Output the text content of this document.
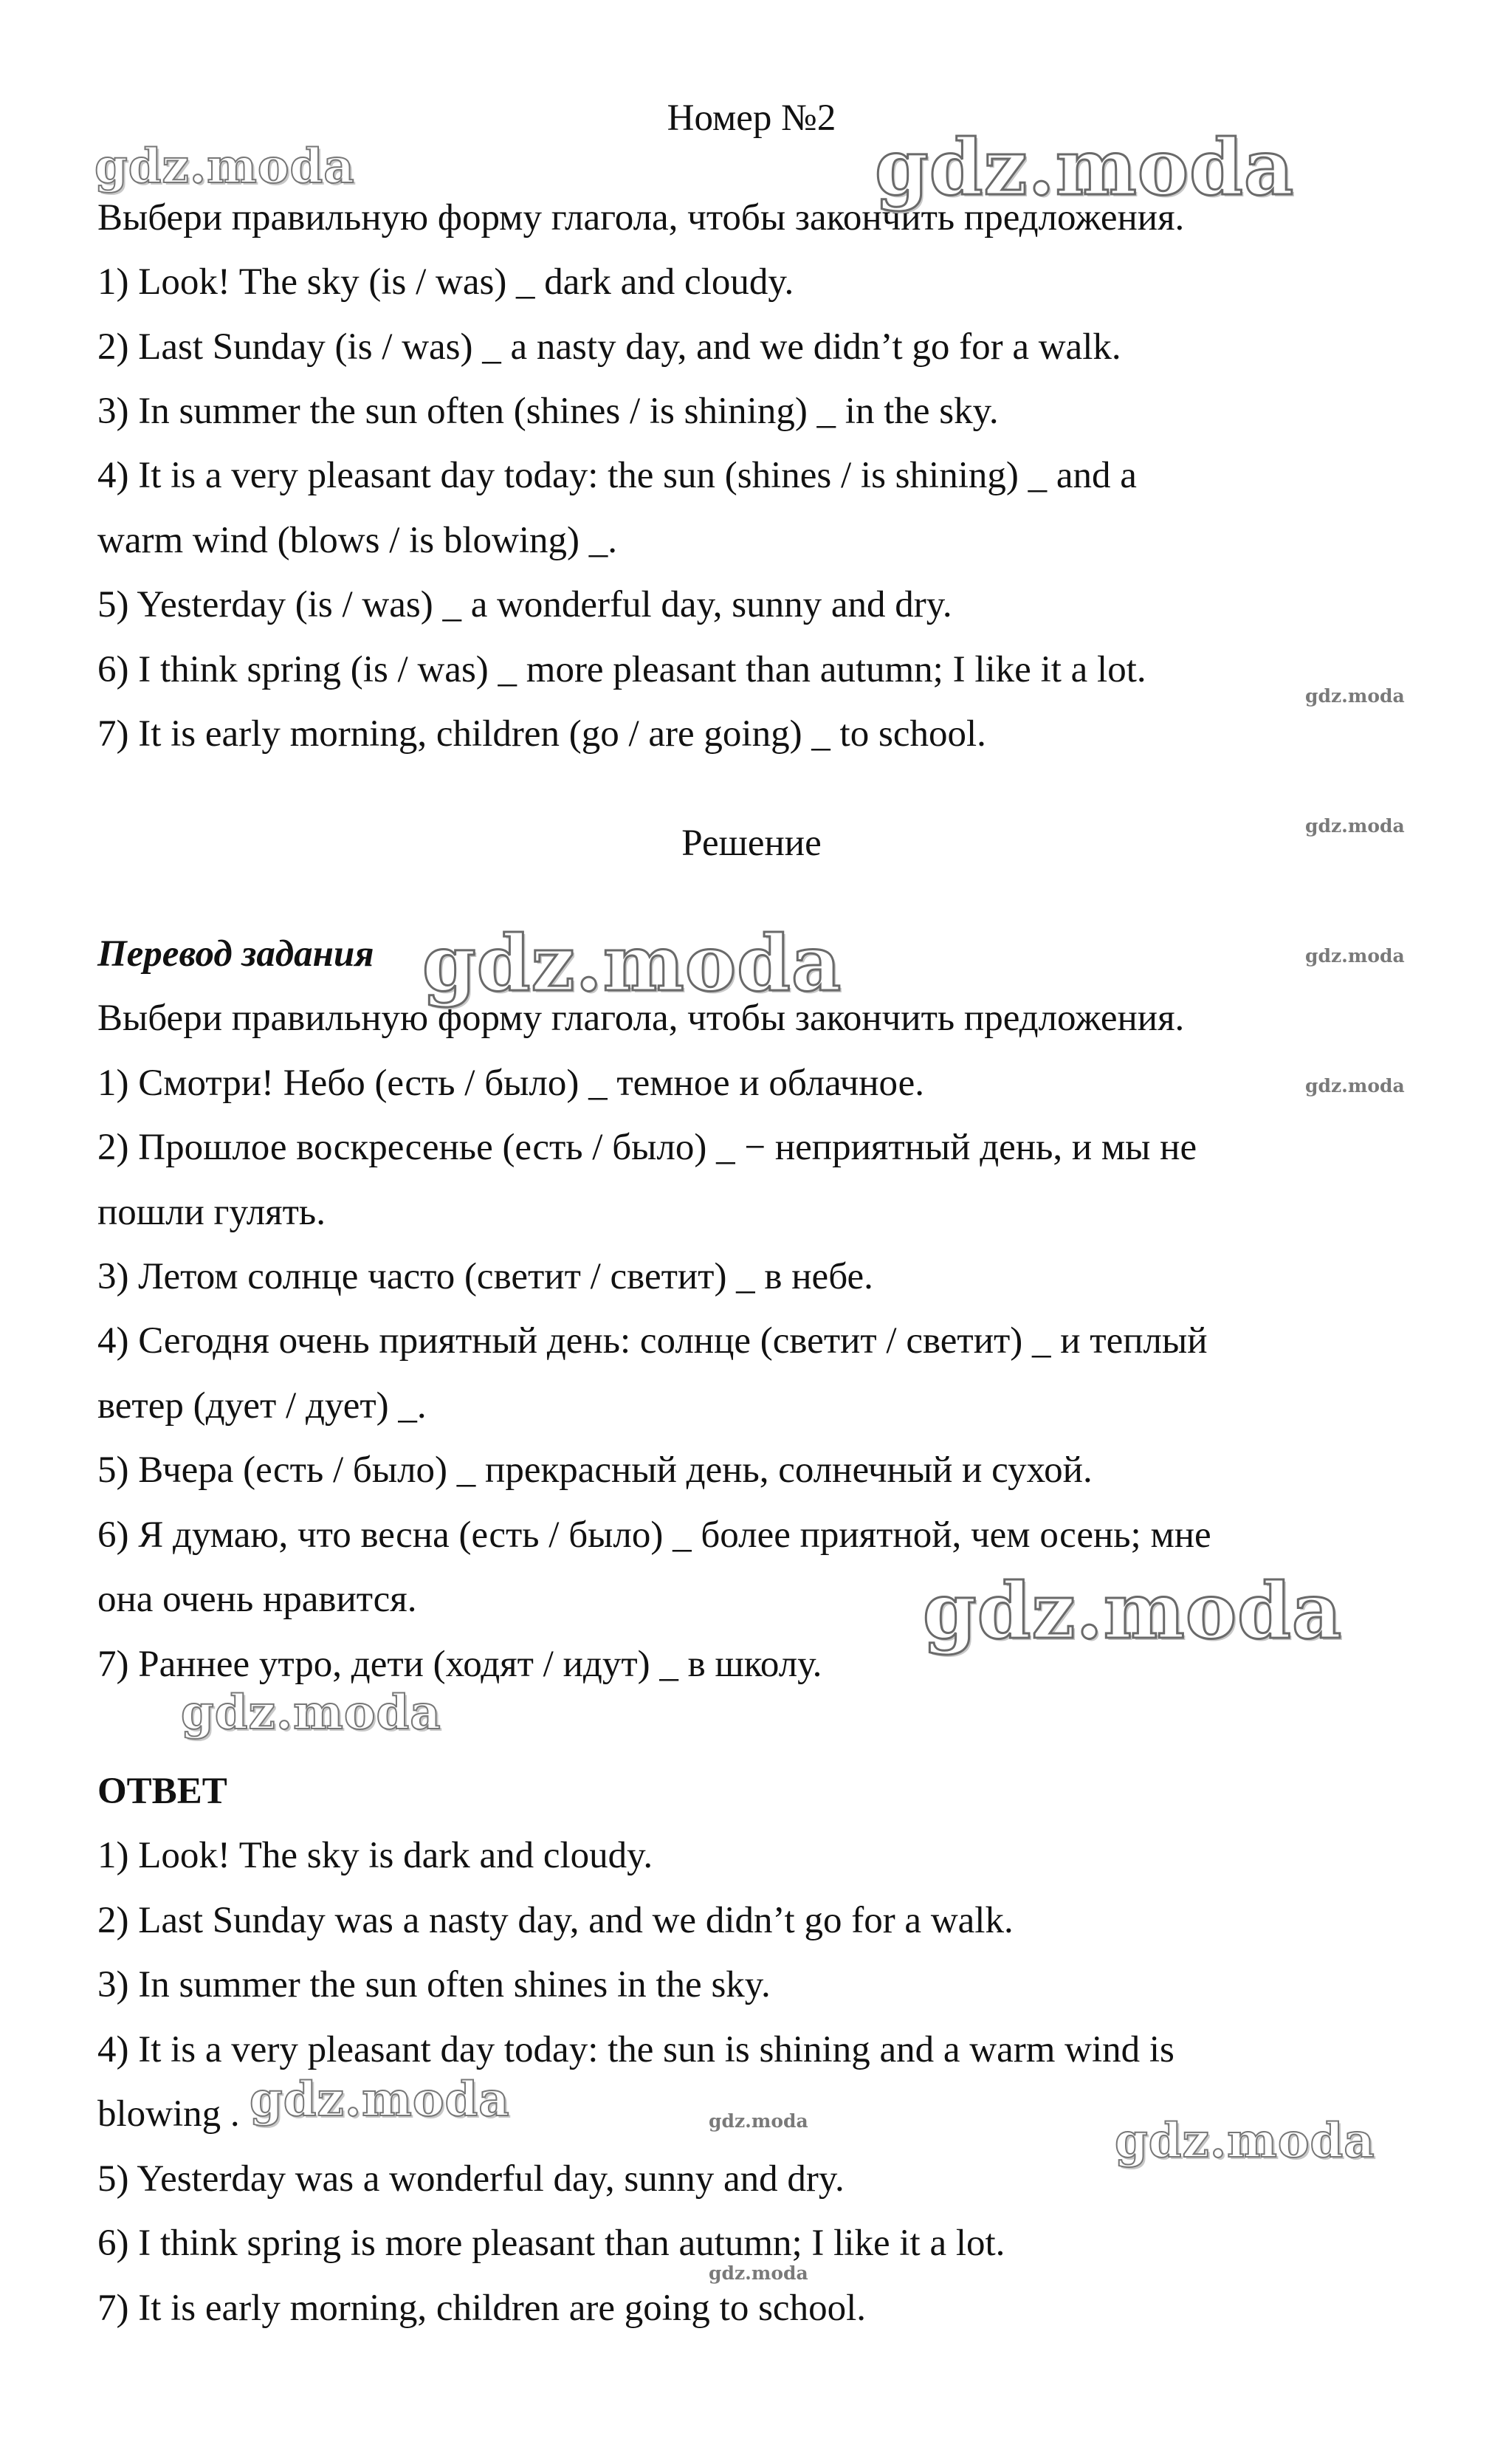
Номер №2
Выбери правильную форму глагола, чтобы закончить предложения.
1) Look! The sky (is / was) _ dark and cloudy.
2) Last Sunday (is / was) _ a nasty day, and we didn’t go for a walk.
3) In summer the sun often (shines / is shining) _ in the sky.
4) It is a very pleasant day today: the sun (shines / is shining) _ and a
warm wind (blows / is blowing) _.
5) Yesterday (is / was) _ a wonderful day, sunny and dry.
6) I think spring (is / was) _ more pleasant than autumn; I like it a lot.
7) It is early morning, children (go / are going) _ to school.
Решение
Перевод задания
Выбери правильную форму глагола, чтобы закончить предложения.
1) Смотри! Небо (есть / было) _ темное и облачное.
2) Прошлое воскресенье (есть / было) _ − неприятный день, и мы не
пошли гулять.
3) Летом солнце часто (светит / светит) _ в небе.
4) Сегодня очень приятный день: солнце (светит / светит) _ и теплый
ветер (дует / дует) _.
5) Вчера (есть / было) _ прекрасный день, солнечный и сухой.
6) Я думаю, что весна (есть / было) _ более приятной, чем осень; мне
она очень нравится.
7) Раннее утро, дети (ходят / идут) _ в школу.
ОТВЕТ
1) Look! The sky is dark and cloudy.
2) Last Sunday was a nasty day, and we didn’t go for a walk.
3) In summer the sun often shines in the sky.
4) It is a very pleasant day today: the sun is shining and a warm wind is
blowing .
5) Yesterday was a wonderful day, sunny and dry.
6) I think spring is more pleasant than autumn; I like it a lot.
7) It is early morning, children are going to school.
gdz.moda	gdz.moda
gdz.moda
gdz.moda
gdz.moda	gdz.moda
gdz.moda
gdz.moda
gdz.moda
gdz.moda	gdz.moda	gdz.moda
gdz.moda
